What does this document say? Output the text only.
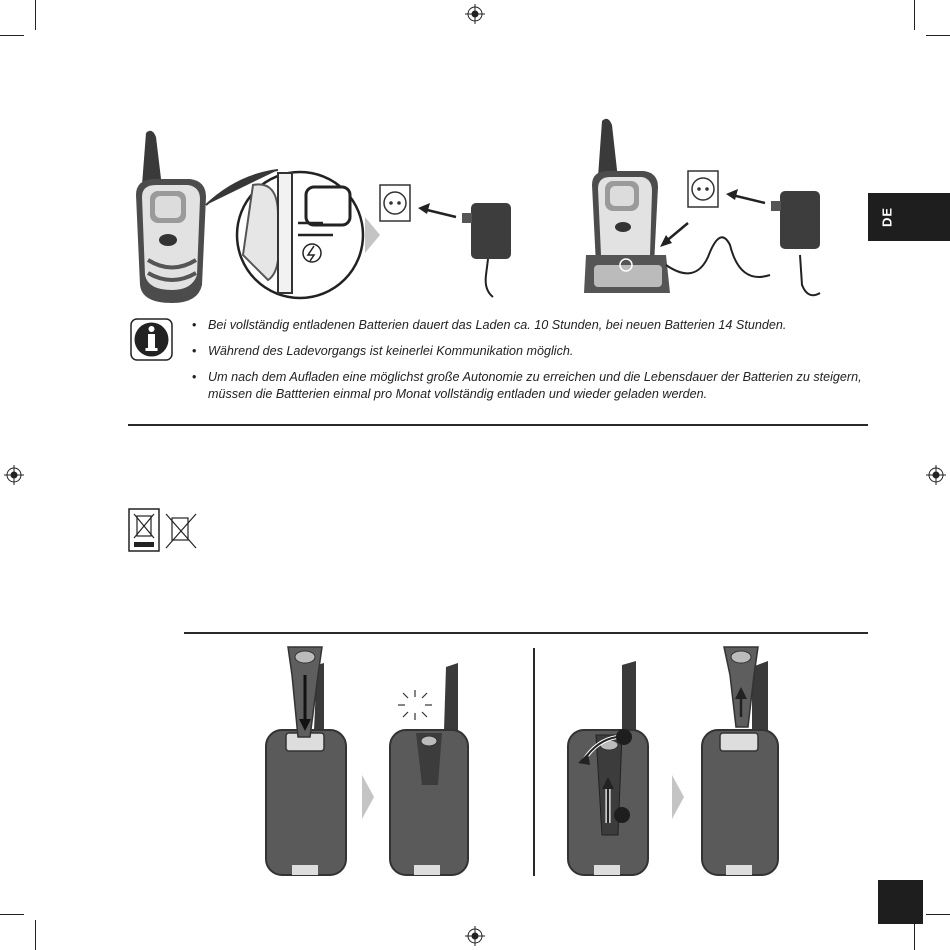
DE
• Bei vollständig entladenen Batterien dauert das Laden ca. 10 Stunden, bei neuen Batterien 14 Stunden.
• Während des Ladevorgangs ist keinerlei Kommunikation möglich.
• Um nach dem Aufladen eine möglichst große Autonomie zu erreichen und die Lebensdauer der Batterien zu steigern, müssen die Battterien einmal pro Monat vollständig entladen und wieder geladen werden.
